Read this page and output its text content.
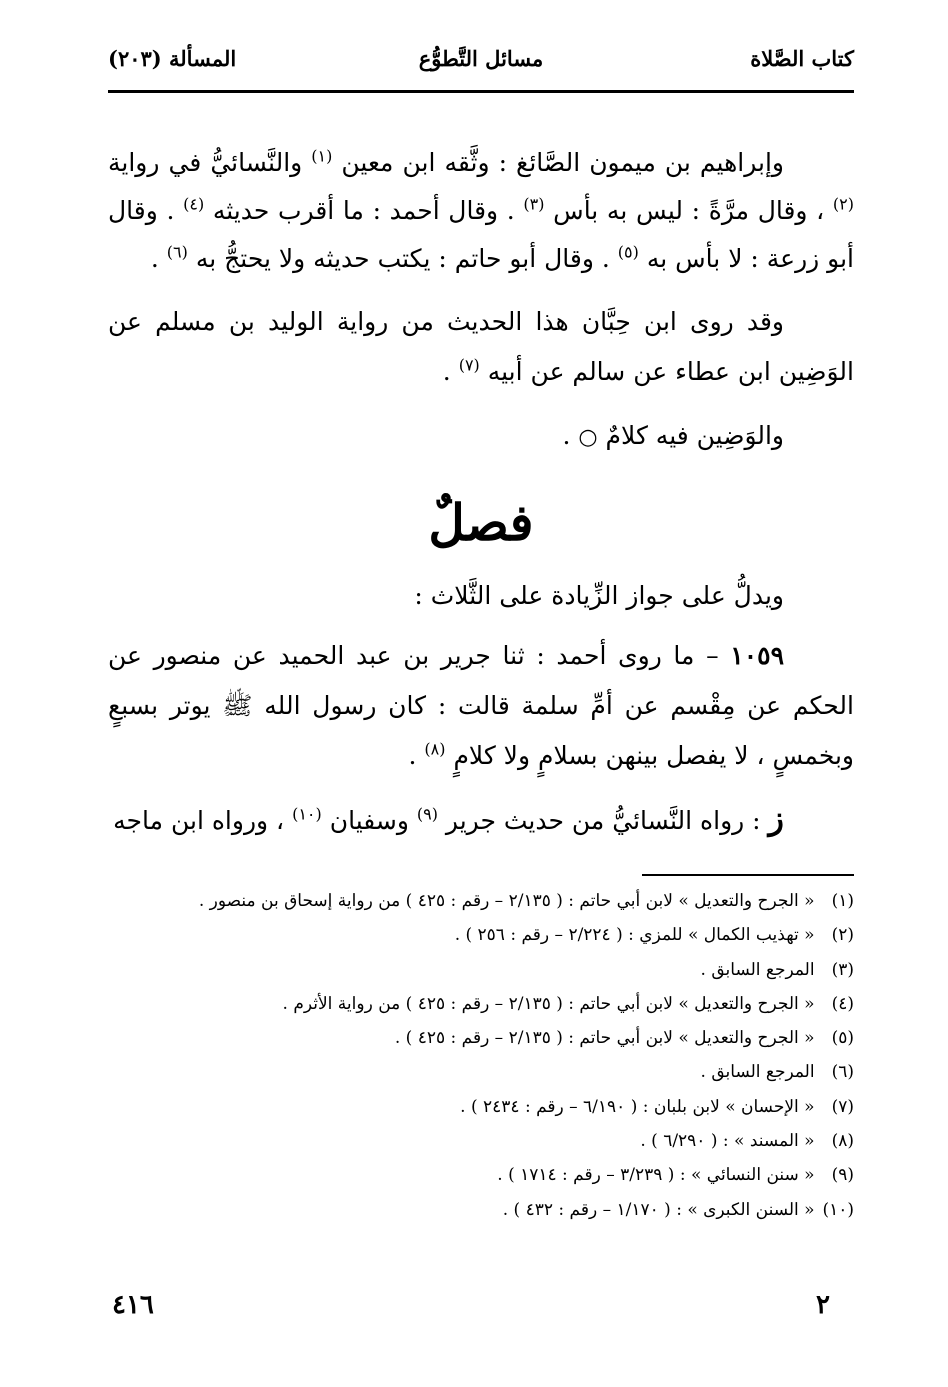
كتاب الصَّلاة
مسائل التَّطوُّع
المسألة (٢٠٣)

وإبراهيم بن ميمون الصَّائغ : وثَّقه ابن معين $^{(١)}$ والنَّسائيُّ في رواية $^{(٢)}$ ، وقال مرَّةً : ليس به بأس $^{(٣)}$ . وقال أحمد : ما أقرب حديثه $^{(٤)}$ . وقال أبو زرعة : لا بأس به $^{(٥)}$ . وقال أبو حاتم : يكتب حديثه ولا يحتجُّ به $^{(٦)}$ .

وقد روى ابن حِبَّان هذا الحديث من رواية الوليد بن مسلم عن الوَضِين ابن عطاء عن سالم عن أبيه $^{(٧)}$ .

والوَضِين فيه كلامٌ ○ .

فصلٌ

ويدلُّ على جواز الزِّيادة على الثَّلاث :

١٠٥٩ – ما روى أحمد : ثنا جرير بن عبد الحميد عن منصور عن الحكم عن مِقْسم عن أمِّ سلمة قالت : كان رسول الله ﷺ يوتر بسبعٍ وبخمسٍ ، لا يفصل بينهن بسلامٍ ولا كلامٍ $^{(٨)}$ .

ز : رواه النَّسائيُّ من حديث جرير $^{(٩)}$ وسفيان $^{(١٠)}$ ، ورواه ابن ماجه

(١) « الجرح والتعديل » لابن أبي حاتم : ( ٢/١٣٥ – رقم : ٤٢٥ ) من رواية إسحاق بن منصور .
(٢) « تهذيب الكمال » للمزي : ( ٢/٢٢٤ – رقم : ٢٥٦ ) .
(٣) المرجع السابق .
(٤) « الجرح والتعديل » لابن أبي حاتم : ( ٢/١٣٥ – رقم : ٤٢٥ ) من رواية الأثرم .
(٥) « الجرح والتعديل » لابن أبي حاتم : ( ٢/١٣٥ – رقم : ٤٢٥ ) .
(٦) المرجع السابق .
(٧) « الإحسان » لابن بلبان : ( ٦/١٩٠ – رقم : ٢٤٣٤ ) .
(٨) « المسند » : ( ٦/٢٩٠ ) .
(٩) « سنن النسائي » : ( ٣/٢٣٩ – رقم : ١٧١٤ ) .
(١٠) « السنن الكبرى » : ( ١/١٧٠ – رقم : ٤٣٢ ) .
٢
٤١٦
